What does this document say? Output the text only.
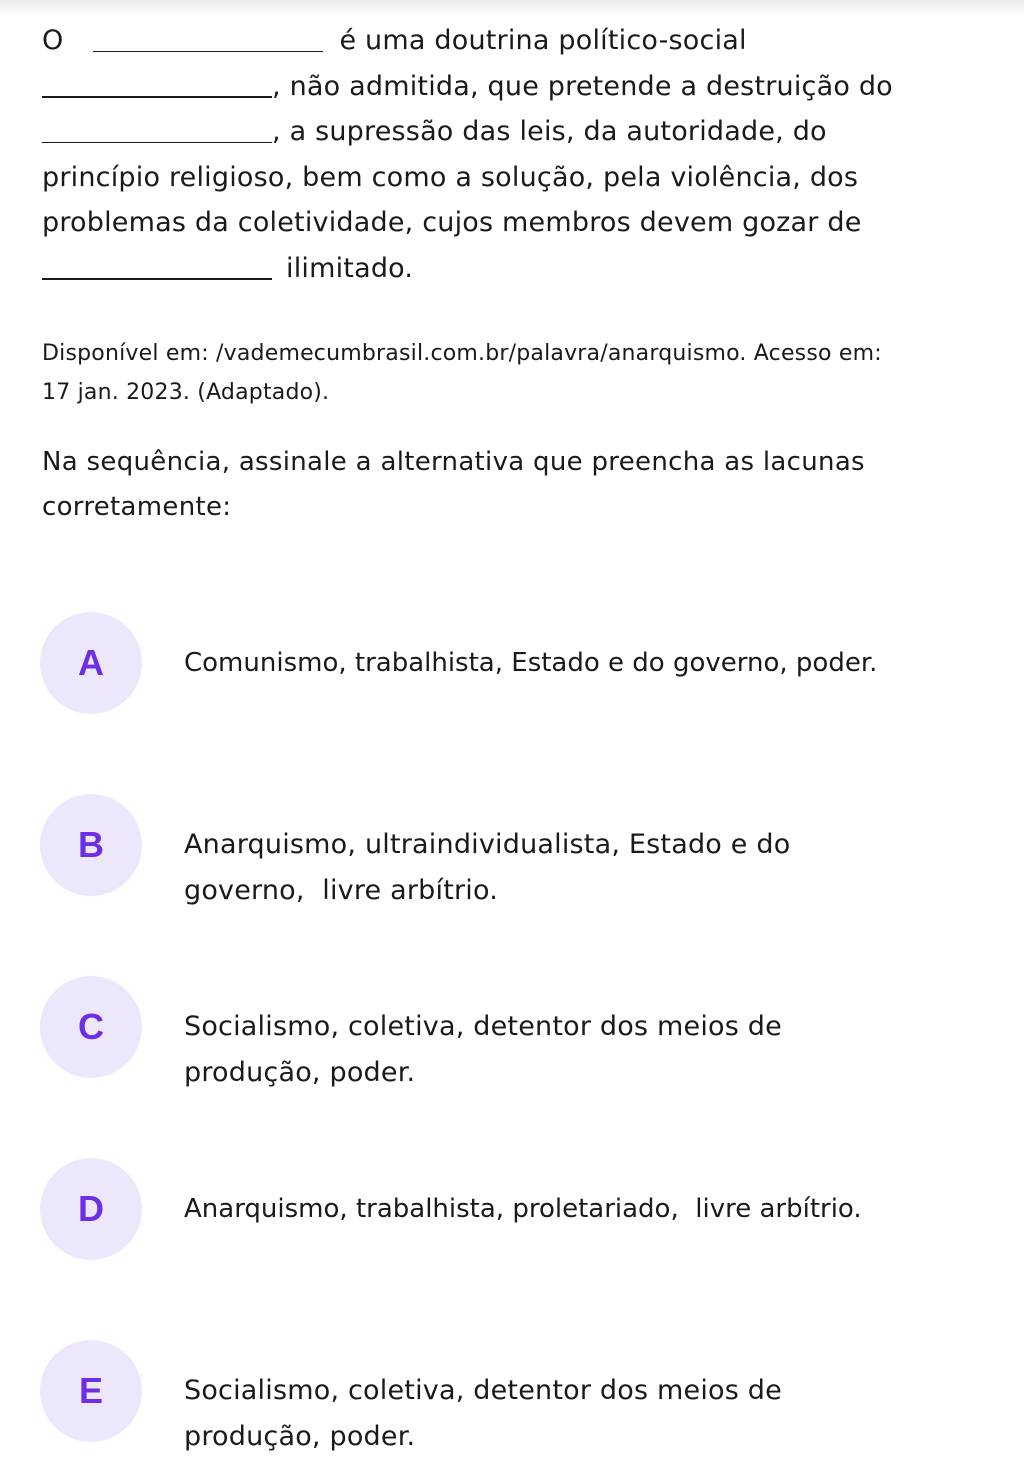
O	é uma doutrina político-social
, não admitida, que pretende a destruição do
, a supressão das leis, da autoridade, do
princípio religioso, bem como a solução, pela violência, dos
problemas da coletividade, cujos membros devem gozar de
ilimitado.
Disponível em: /vademecumbrasil.com.br/palavra/anarquismo. Acesso em:
17 jan. 2023. (Adaptado).
Na sequência, assinale a alternativa que preencha as lacunas
corretamente:
A	Comunismo, trabalhista, Estado e do governo, poder.
B	Anarquismo, ultraindividualista, Estado e do
governo,  livre arbítrio.
C	Socialismo, coletiva, detentor dos meios de
produção, poder.
D	Anarquismo, trabalhista, proletariado,  livre arbítrio.
E	Socialismo, coletiva, detentor dos meios de
produção, poder.
